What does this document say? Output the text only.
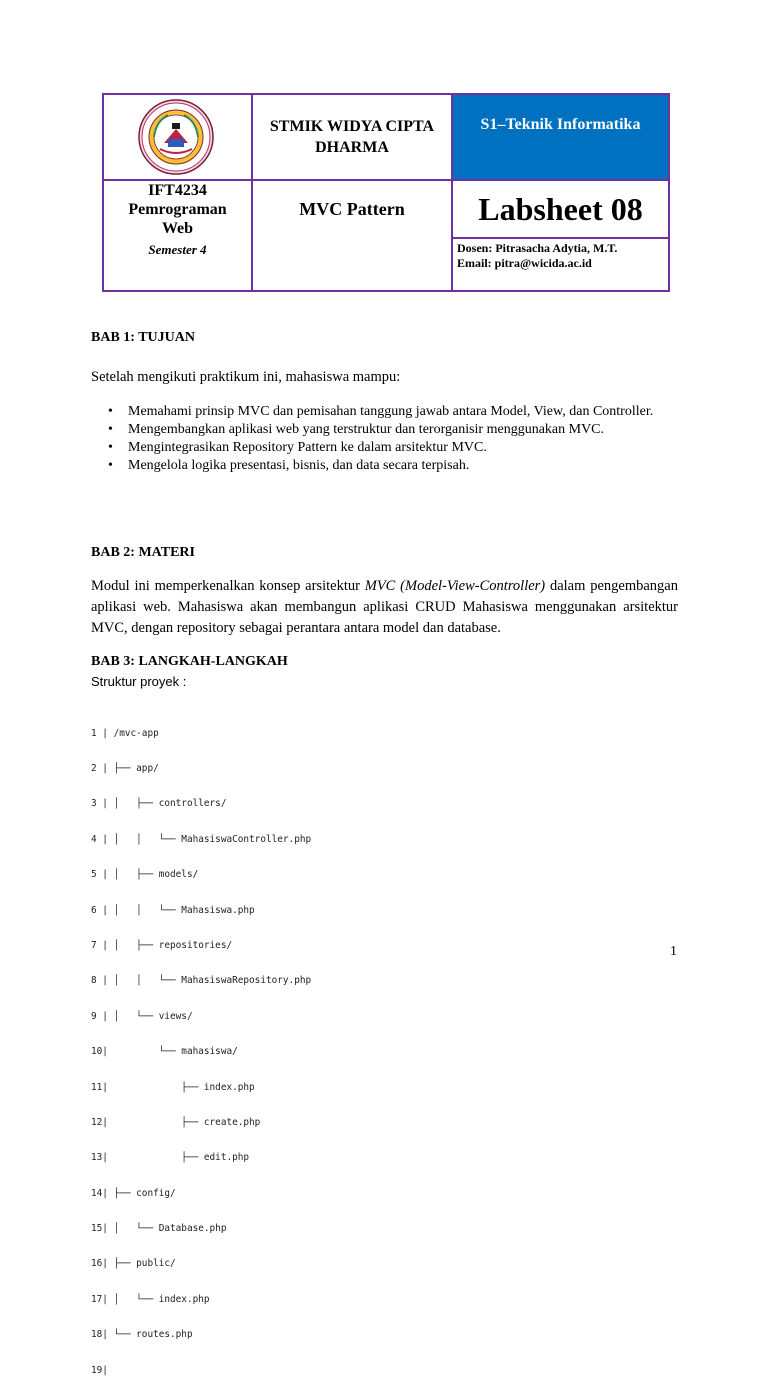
STMIK WIDYA CIPTA DHARMA
S1–Teknik Informatika
IFT4234
Pemrograman Web
Semester 4
MVC Pattern	Labsheet 08
Dosen: Pitrasacha Adytia, M.T.
Email: pitra@wicida.ac.id
BAB 1: TUJUAN
Setelah mengikuti praktikum ini, mahasiswa mampu:
• Memahami prinsip MVC dan pemisahan tanggung jawab antara Model, View, dan Controller.
• Mengembangkan aplikasi web yang terstruktur dan terorganisir menggunakan MVC.
• Mengintegrasikan Repository Pattern ke dalam arsitektur MVC.
• Mengelola logika presentasi, bisnis, dan data secara terpisah.
BAB 2: MATERI
Modul ini memperkenalkan konsep arsitektur MVC (Model-View-Controller) dalam pengembangan aplikasi web. Mahasiswa akan membangun aplikasi CRUD Mahasiswa menggunakan arsitektur MVC, dengan repository sebagai perantara antara model dan database.
BAB 3: LANGKAH-LANGKAH
Struktur proyek :

1 | /mvc-app

2 | ├── app/

3 | │   ├── controllers/

4 | │   │   └── MahasiswaController.php

5 | │   ├── models/

6 | │   │   └── Mahasiswa.php

7 | │   ├── repositories/

8 | │   │   └── MahasiswaRepository.php

9 | │   └── views/

10|         └── mahasiswa/

11|             ├── index.php

12|             ├── create.php

13|             ├── edit.php

14| ├── config/

15| │   └── Database.php

16| ├── public/

17| │   └── index.php

18| └── routes.php

19|

1
